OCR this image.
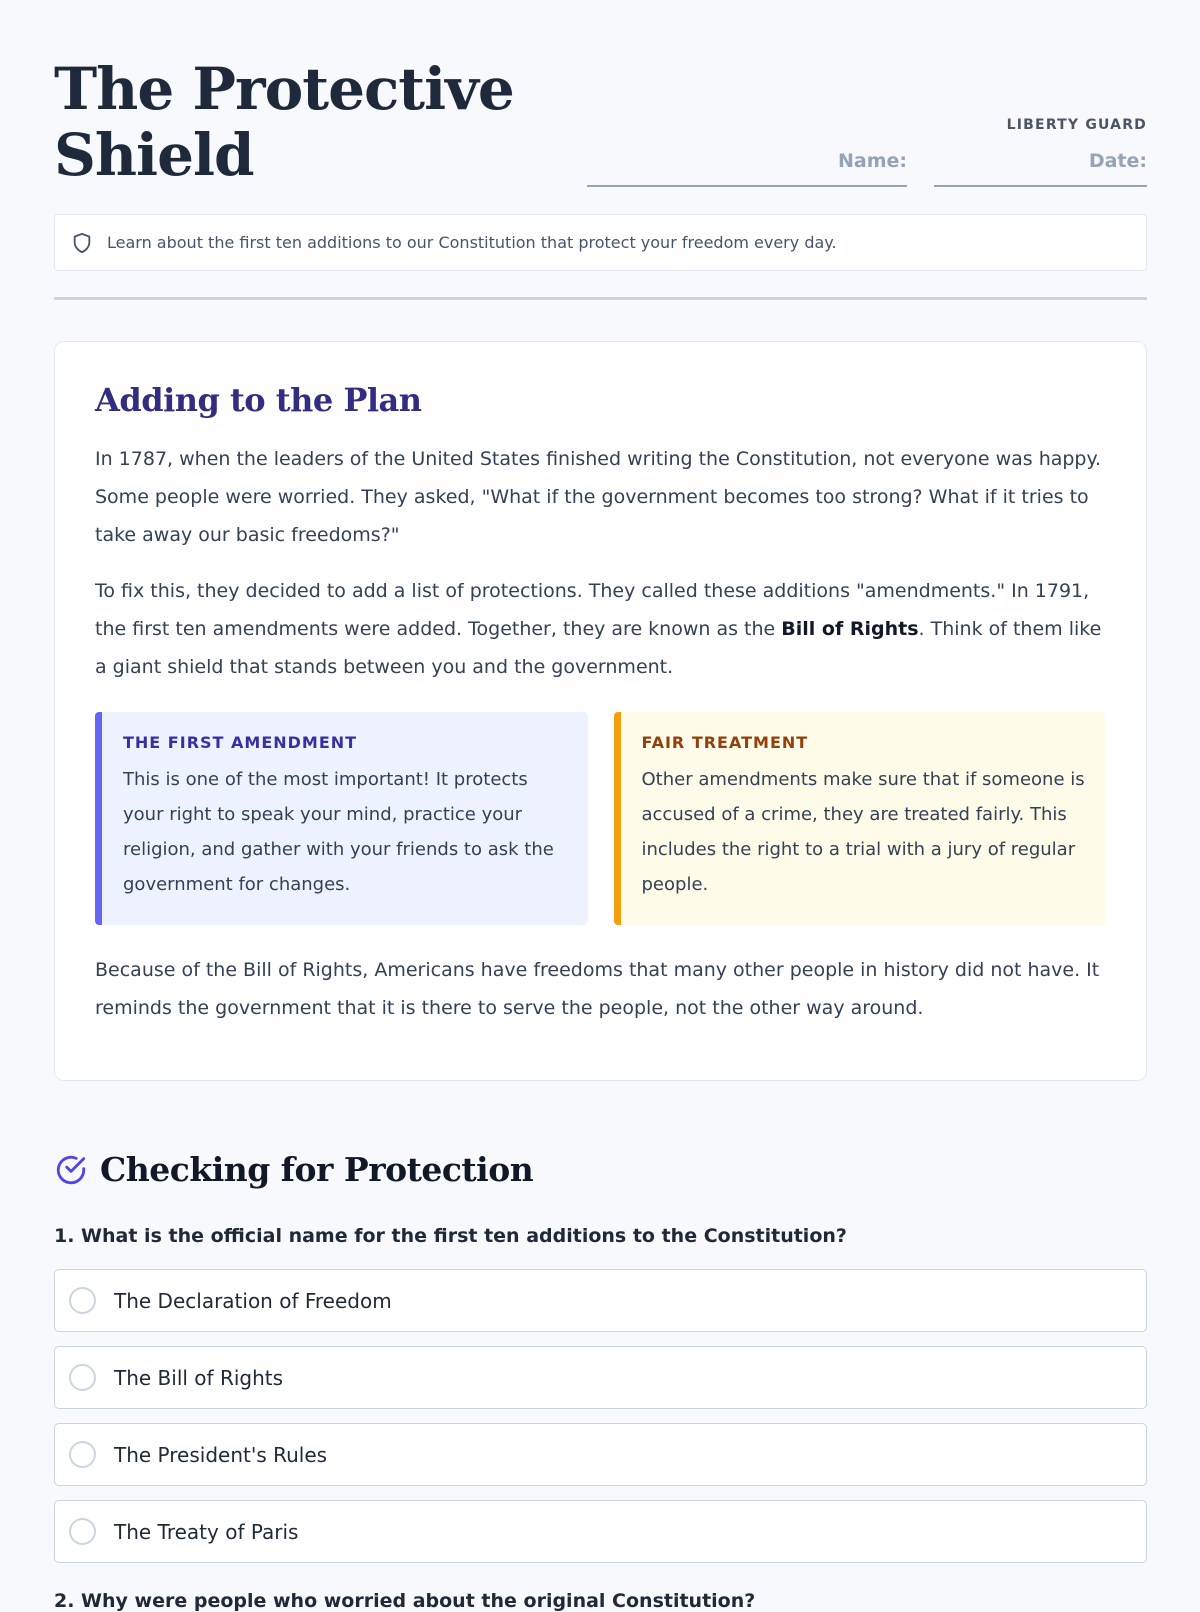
The Protective
Shield	LIBERTY GUARD
Name:	Date:
Learn about the first ten additions to our Constitution that protect your freedom every day.
Adding to the Plan

In 1787, when the leaders of the United States finished writing the Constitution, not everyone was happy. Some people were worried. They asked, "What if the government becomes too strong? What if it tries to take away our basic freedoms?"

To fix this, they decided to add a list of protections. They called these additions "amendments." In 1791, the first ten amendments were added. Together, they are known as the Bill of Rights. Think of them like a giant shield that stands between you and the government.

THE FIRST AMENDMENT
This is one of the most important! It protects your right to speak your mind, practice your religion, and gather with your friends to ask the government for changes.
FAIR TREATMENT
Other amendments make sure that if someone is accused of a crime, they are treated fairly. This includes the right to a trial with a jury of regular people.

Because of the Bill of Rights, Americans have freedoms that many other people in history did not have. It reminds the government that it is there to serve the people, not the other way around.

Checking for Protection
1. What is the official name for the first ten additions to the Constitution?
The Declaration of Freedom
The Bill of Rights
The President's Rules
The Treaty of Paris
2. Why were people who worried about the original Constitution?
